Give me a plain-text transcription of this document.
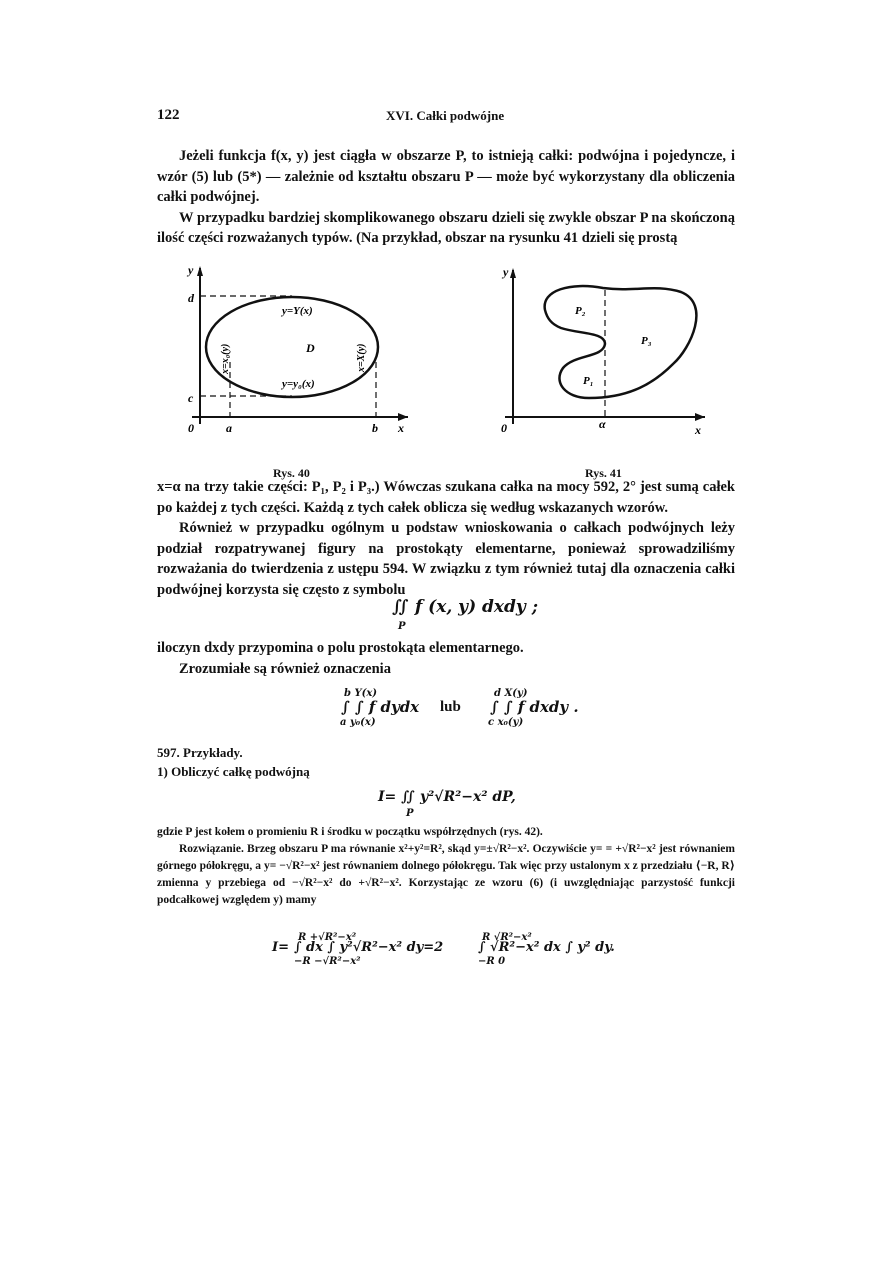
122	XVI. Całki podwójne

Jeżeli funkcja f(x, y) jest ciągła w obszarze P, to istnieją całki: podwójna i pojedyncze, i wzór (5) lub (5*) — zależnie od kształtu obszaru P — może być wykorzystany dla obliczenia całki podwójnej.

W przypadku bardziej skomplikowanego obszaru dzieli się zwykle obszar P na skończoną ilość części rozważanych typów. (Na przykład, obszar na rysunku 41 dzieli się prostą

y
d
c
0	a	b x
y=Y(x)
y=y₀(x)
D
x=x₀(y)	x=X(y)
Rys. 40
y
0	α	x
P₂
P₃
P₁
Rys. 41

x=α na trzy takie części: P₁, P₂ i P₃.) Wówczas szukana całka na mocy 592, 2° jest sumą całek po każdej z tych części. Każdą z tych całek oblicza się według wskazanych wzorów.

Również w przypadku ogólnym u podstaw wnioskowania o całkach podwójnych leży podział rozpatrywanej figury na prostokąty elementarne, ponieważ sprowadziliśmy rozważania do twierdzenia z ustępu 594. W związku z tym również tutaj dla oznaczenia całki podwójnej korzysta się często z symbolu

∬ f (x, y) dxdy ;
P

iloczyn dxdy przypomina o polu prostokąta elementarnego.

Zrozumiałe są również oznaczenia

b Y(x)
∫ ∫ f dydx
a y₀(x)
lub
d X(y)
∫ ∫ f dxdy .
c x₀(y)
597. Przykłady.
1) Obliczyć całkę podwójną
I= ∬ y²√R²−x² dP,
P
gdzie P jest kołem o promieniu R i środku w początku współrzędnych (rys. 42).
Rozwiązanie. Brzeg obszaru P ma równanie x²+y²=R², skąd y=±√R²−x². Oczywiście y= = +√R²−x² jest równaniem górnego półokręgu, a y= −√R²−x² jest równaniem dolnego półokręgu. Tak więc przy ustalonym x z przedziału ⟨−R, R⟩ zmienna y przebiega od −√R²−x² do +√R²−x². Korzystając ze wzoru (6) (i uwzględniając parzystość funkcji podcałkowej względem y) mamy
I=
R +√R²−x²
∫ dx ∫ y²√R²−x² dy=2
−R −√R²−x²
R √R²−x²
∫ √R²−x² dx ∫ y² dy.
−R 0
